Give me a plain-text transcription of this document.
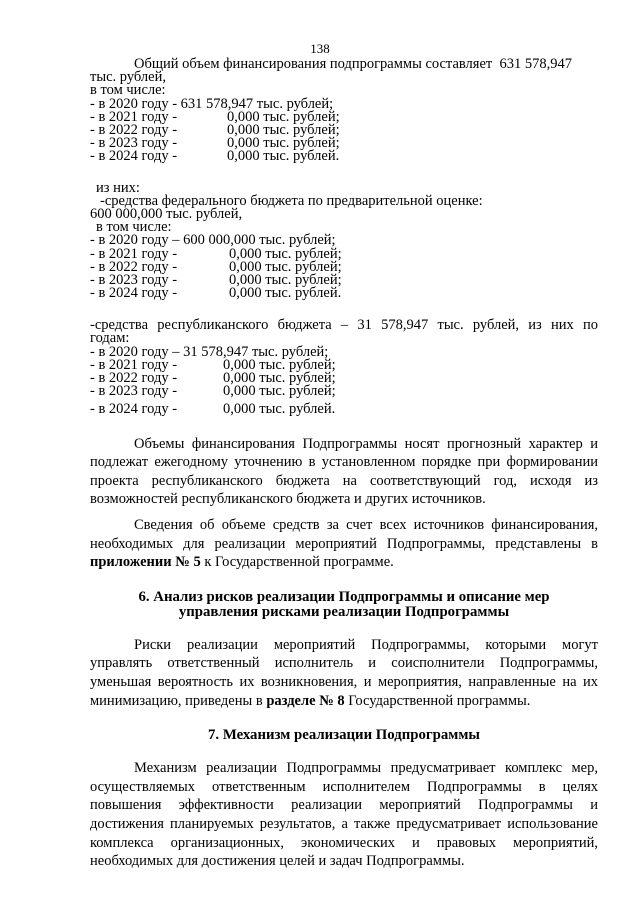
138
Общий объем финансирования подпрограммы составляет 631 578,947
тыс. рублей,
в том числе:
- в 2020 году - 631 578,947 тыс. рублей;
- в 2021 году -	0,000 тыс. рублей;
- в 2022 году -	0,000 тыс. рублей;
- в 2023 году -	0,000 тыс. рублей;
- в 2024 году -	0,000 тыс. рублей.
из них:
-средства федерального бюджета по предварительной оценке:
600 000,000 тыс. рублей,
в том числе:
- в 2020 году – 600 000,000 тыс. рублей;
- в 2021 году -	0,000 тыс. рублей;
- в 2022 году -	0,000 тыс. рублей;
- в 2023 году -	0,000 тыс. рублей;
- в 2024 году -	0,000 тыс. рублей.
-средства республиканского бюджета – 31 578,947 тыс. рублей, из них по
годам:
- в 2020 году – 31 578,947 тыс. рублей;
- в 2021 году -	0,000 тыс. рублей;
- в 2022 году -	0,000 тыс. рублей;
- в 2023 году -	0,000 тыс. рублей;
- в 2024 году -	0,000 тыс. рублей.

Объемы финансирования Подпрограммы носят прогнозный характер и подлежат ежегодному уточнению в установленном порядке при формировании проекта республиканского бюджета на соответствующий год, исходя из возможностей республиканского бюджета и других источников.

Сведения об объеме средств за счет всех источников финансирования, необходимых для реализации мероприятий Подпрограммы, представлены в приложении № 5 к Государственной программе.

6. Анализ рисков реализации Подпрограммы и описание мер
управления рисками реализации Подпрограммы

Риски реализации мероприятий Подпрограммы, которыми могут управлять ответственный исполнитель и соисполнители Подпрограммы, уменьшая вероятность их возникновения, и мероприятия, направленные на их минимизацию, приведены в разделе № 8 Государственной программы.

7. Механизм реализации Подпрограммы

Механизм реализации Подпрограммы предусматривает комплекс мер, осуществляемых ответственным исполнителем Подпрограммы в целях повышения эффективности реализации мероприятий Подпрограммы и достижения планируемых результатов, а также предусматривает использование комплекса организационных, экономических и правовых мероприятий, необходимых для достижения целей и задач Подпрограммы.
